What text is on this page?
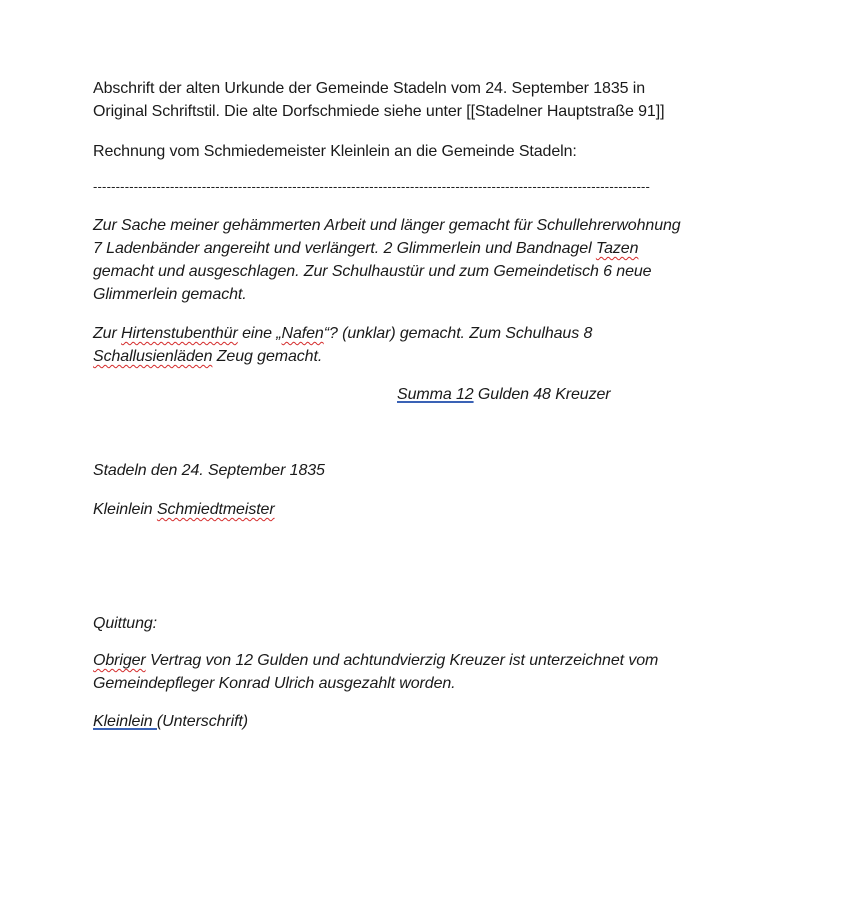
Abschrift der alten Urkunde der Gemeinde Stadeln vom 24. September 1835 in
Original Schriftstil. Die alte Dorfschmiede siehe unter [[Stadelner Hauptstraße 91]]

Rechnung vom Schmiedemeister Kleinlein an die Gemeinde Stadeln:

---------------------------------------------------------------------------------------------------------------------------

Zur Sache meiner gehämmerten Arbeit und länger gemacht für Schullehrerwohnung
7 Ladenbänder angereiht und verlängert. 2 Glimmerlein und Bandnagel Tazen
gemacht und ausgeschlagen. Zur Schulhaustür und zum Gemeindetisch 6 neue
Glimmerlein gemacht.

Zur Hirtenstubenthür eine „Nafen“? (unklar) gemacht. Zum Schulhaus 8
Schallusienläden Zeug gemacht.

Summa 12 Gulden 48 Kreuzer

Stadeln den 24. September 1835

Kleinlein Schmiedtmeister

Quittung:

Obriger Vertrag von 12 Gulden und achtundvierzig Kreuzer ist unterzeichnet vom
Gemeindepfleger Konrad Ulrich ausgezahlt worden.

Kleinlein (Unterschrift)
